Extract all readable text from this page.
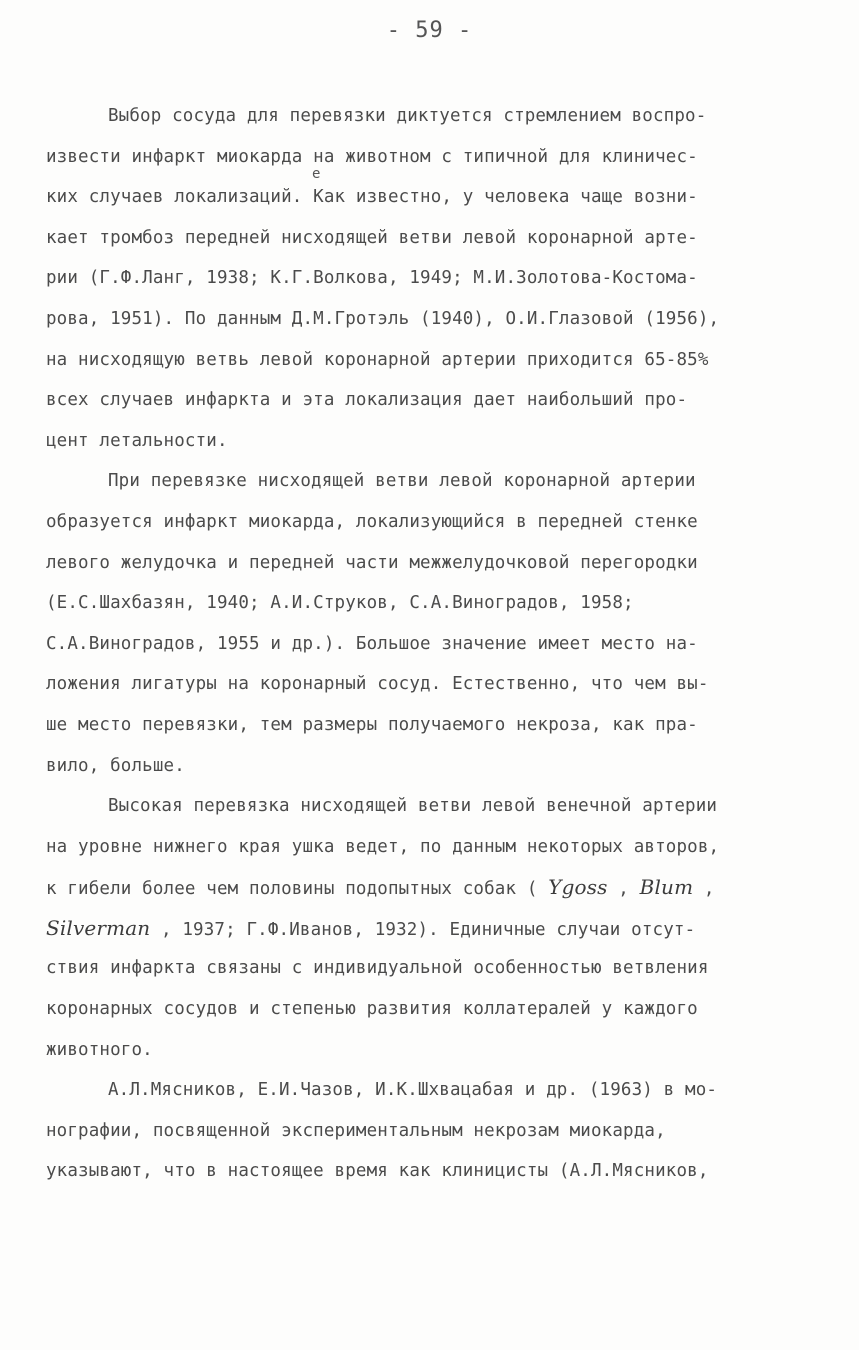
- 59 -
е
Выбор сосуда для перевязки диктуется стремлением воспро-
извести инфаркт миокарда на животном с типичной для клиничес-
ких случаев локализаций. Как известно, у человека чаще возни-
кает тромбоз передней нисходящей ветви левой коронарной арте-
рии (Г.Ф.Ланг, 1938; К.Г.Волкова, 1949; М.И.Золотова-Костома-
рова, 1951). По данным Д.М.Гротэль (1940), О.И.Глазовой (1956),
на нисходящую ветвь левой коронарной артерии приходится 65-85%
всех случаев инфаркта и эта локализация дает наибольший про-
цент летальности.
При перевязке нисходящей ветви левой коронарной артерии
образуется инфаркт миокарда, локализующийся в передней стенке
левого желудочка и передней части межжелудочковой перегородки
(Е.С.Шахбазян, 1940; А.И.Струков, С.А.Виноградов, 1958;
С.А.Виноградов, 1955 и др.). Большое значение имеет место на-
ложения лигатуры на коронарный сосуд. Естественно, что чем вы-
ше место перевязки, тем размеры получаемого некроза, как пра-
вило, больше.
Высокая перевязка нисходящей ветви левой венечной артерии
на уровне нижнего края ушка ведет, по данным некоторых авторов,
к гибели более чем половины подопытных собак ( Ygoss , Blum ,
Silverman , 1937; Г.Ф.Иванов, 1932). Единичные случаи отсут-
ствия инфаркта связаны с индивидуальной особенностью ветвления
коронарных сосудов и степенью развития коллатералей у каждого
животного.
А.Л.Мясников, Е.И.Чазов, И.К.Шхвацабая и др. (1963) в мо-
нографии, посвященной экспериментальным некрозам миокарда,
указывают, что в настоящее время как клиницисты (А.Л.Мясников,
